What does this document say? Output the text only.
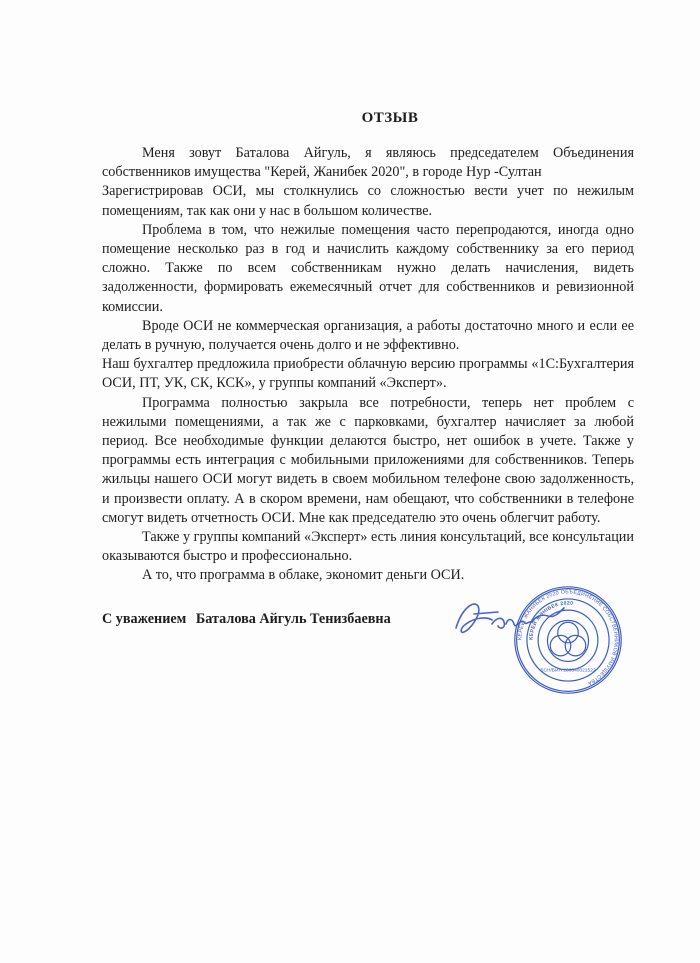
ОТЗЫВ

Меня зовут Баталова Айгуль, я являюсь председателем Объединения собственников имущества "Керей, Жанибек 2020", в городе Нур -Султан

Зарегистрировав ОСИ, мы столкнулись со сложностью вести учет по нежилым помещениям, так как они у нас в большом количестве.

Проблема в том, что нежилые помещения часто перепродаются, иногда одно помещение несколько раз в год и начислить каждому собственнику за его период сложно. Также по всем собственникам нужно делать начисления, видеть задолженности, формировать ежемесячный отчет для собственников и ревизионной комиссии.

Вроде ОСИ не коммерческая организация, а работы достаточно много и если ее делать в ручную, получается очень долго и не эффективно.

Наш бухгалтер предложила приобрести облачную версию программы «1С:Бухгалтерия ОСИ, ПТ, УК, СК, КСК», у группы компаний «Эксперт».

Программа полностью закрыла все потребности, теперь нет проблем с нежилыми помещениями, а так же с парковками, бухгалтер начисляет за любой период. Все необходимые функции делаются быстро, нет ошибок в учете. Также у программы есть интеграция с мобильными приложениями для собственников. Теперь жильцы нашего ОСИ могут видеть в своем мобильном телефоне свою задолженность, и произвести оплату. А в скором времени, нам обещают, что собственники в телефоне смогут видеть отчетность ОСИ. Мне как председателю это очень облегчит работу.

Также у группы компаний «Эксперт» есть линия консультаций, все консультации оказываются быстро и профессионально.

А то, что программа в облаке, экономит деньги ОСИ.

С уважением Баталова Айгуль Тенизбаевна
КЕРЕЙ, ЖАНИБЕК 2020 ОБЪЕДИНЕНИЕ СОБСТВЕННИКОВ ИМУЩЕСТВА
КЕРЕЙ ЖӘНІБЕК 2020
БСН/БИН 200640021522
